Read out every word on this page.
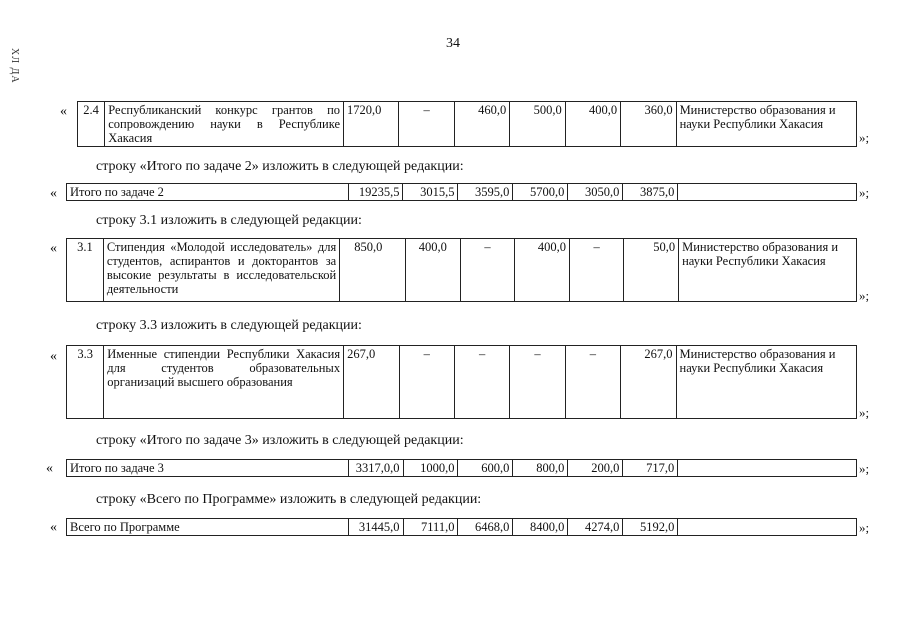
34
XЛ ДА
« 2.4	Республиканский конкурс грантов по сопровождению науки в Республике Хакасия	1720,0	–	460,0	500,0	400,0	360,0	Министерство образования и науки Республики Хакасия
»;
строку «Итого по задаче 2» изложить в следующей редакции:
« Итого по задаче 2	19235,5	3015,5	3595,0	5700,0	3050,0	3875,0		»;
строку 3.1 изложить в следующей редакции:
« 3.1	Стипендия «Молодой исследователь» для студентов, аспирантов и докторантов за высокие результаты в исследовательской деятельности	850,0	400,0	–	400,0	–	50,0	Министерство образования и науки Республики Хакасия
»;
строку 3.3 изложить в следующей редакции:
« 3.3	Именные стипендии Республики Хакасия для студентов образовательных организаций высшего образования	267,0	–	–	–	–	267,0	Министерство образования и науки Республики Хакасия
»;
строку «Итого по задаче 3» изложить в следующей редакции:
« Итого по задаче 3	3317,0,0	1000,0	600,0	800,0	200,0	717,0		»;
строку «Всего по Программе» изложить в следующей редакции:
« Всего по Программе	31445,0	7111,0	6468,0	8400,0	4274,0	5192,0		»;
